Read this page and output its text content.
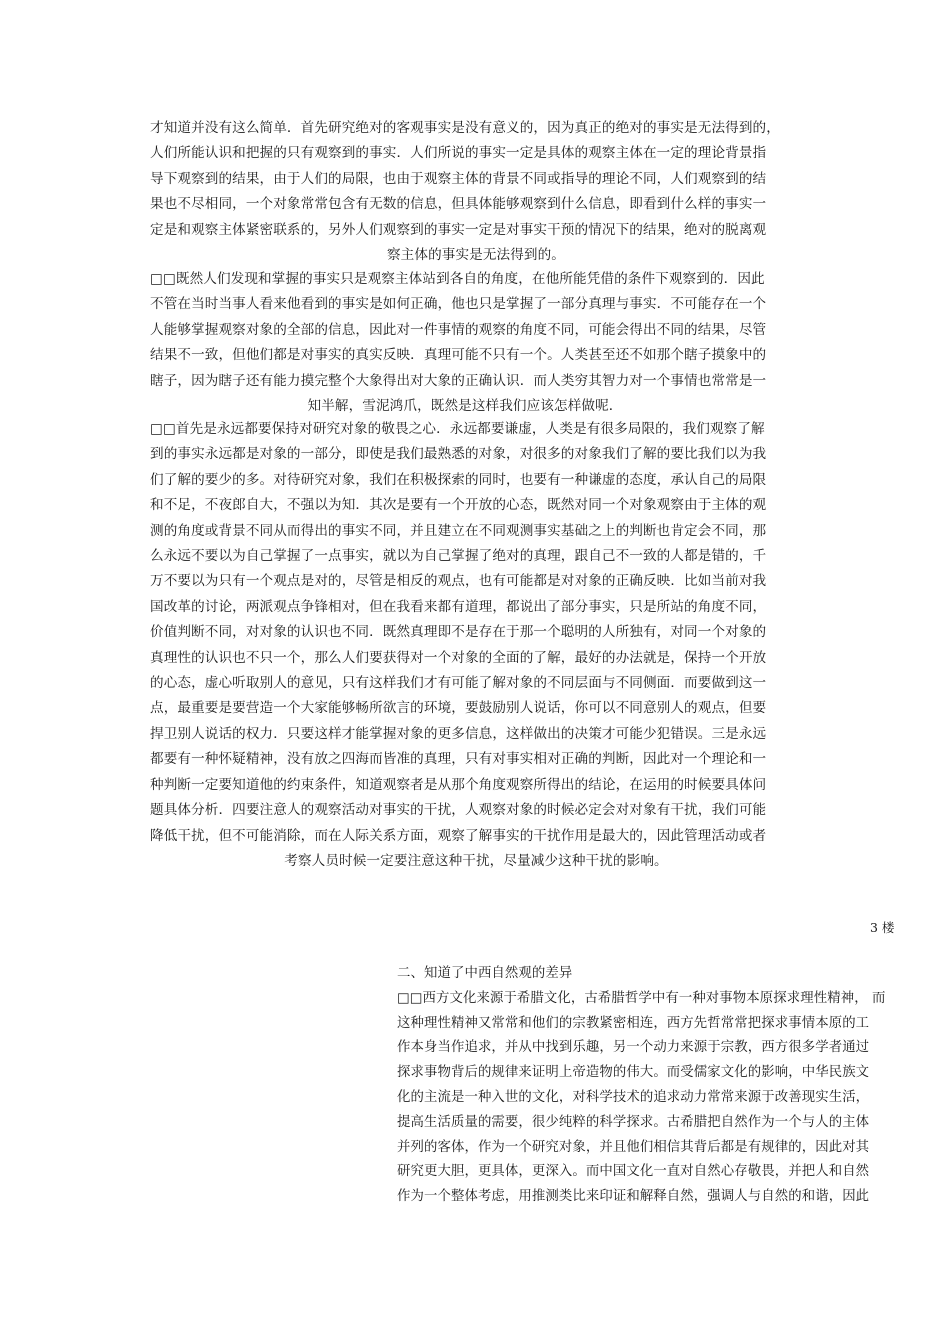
才知道并没有这么简单．首先研究绝对的客观事实是没有意义的，因为真正的绝对的事实是无法得到的，

人们所能认识和把握的只有观察到的事实．人们所说的事实一定是具体的观察主体在一定的理论背景指

导下观察到的结果，由于人们的局限，也由于观察主体的背景不同或指导的理论不同，人们观察到的结

果也不尽相同，一个对象常常包含有无数的信息，但具体能够观察到什么信息，即看到什么样的事实一

定是和观察主体紧密联系的，另外人们观察到的事实一定是对事实干预的情况下的结果，绝对的脱离观

察主体的事实是无法得到的。

□□既然人们发现和掌握的事实只是观察主体站到各自的角度，在他所能凭借的条件下观察到的．因此

不管在当时当事人看来他看到的事实是如何正确，他也只是掌握了一部分真理与事实．不可能存在一个

人能够掌握观察对象的全部的信息，因此对一件事情的观察的角度不同，可能会得出不同的结果，尽管

结果不一致，但他们都是对事实的真实反映．真理可能不只有一个。人类甚至还不如那个瞎子摸象中的

瞎子，因为瞎子还有能力摸完整个大象得出对大象的正确认识．而人类穷其智力对一个事情也常常是一

知半解，雪泥鸿爪，既然是这样我们应该怎样做呢．

□□首先是永远都要保持对研究对象的敬畏之心．永远都要谦虚，人类是有很多局限的，我们观察了解

到的事实永远都是对象的一部分，即使是我们最熟悉的对象，对很多的对象我们了解的要比我们以为我

们了解的要少的多。对待研究对象，我们在积极探索的同时，也要有一种谦虚的态度，承认自己的局限

和不足，不夜郎自大，不强以为知．其次是要有一个开放的心态，既然对同一个对象观察由于主体的观

测的角度或背景不同从而得出的事实不同，并且建立在不同观测事实基础之上的判断也肯定会不同，那

么永远不要以为自己掌握了一点事实，就以为自己掌握了绝对的真理，跟自己不一致的人都是错的，千

万不要以为只有一个观点是对的，尽管是相反的观点，也有可能都是对对象的正确反映．比如当前对我

国改革的讨论，两派观点争锋相对，但在我看来都有道理，都说出了部分事实，只是所站的角度不同，

价值判断不同，对对象的认识也不同．既然真理即不是存在于那一个聪明的人所独有，对同一个对象的

真理性的认识也不只一个，那么人们要获得对一个对象的全面的了解，最好的办法就是，保持一个开放

的心态，虚心听取别人的意见，只有这样我们才有可能了解对象的不同层面与不同侧面．而要做到这一

点，最重要是要营造一个大家能够畅所欲言的环境，要鼓励别人说话，你可以不同意别人的观点，但要

捍卫别人说话的权力．只要这样才能掌握对象的更多信息，这样做出的决策才可能少犯错误。三是永远

都要有一种怀疑精神，没有放之四海而皆准的真理，只有对事实相对正确的判断，因此对一个理论和一

种判断一定要知道他的约束条件，知道观察者是从那个角度观察所得出的结论，在运用的时候要具体问

题具体分析．四要注意人的观察活动对事实的干扰，人观察对象的时候必定会对对象有干扰，我们可能

降低干扰，但不可能消除，而在人际关系方面，观察了解事实的干扰作用是最大的，因此管理活动或者

考察人员时候一定要注意这种干扰，尽量减少这种干扰的影响。

3 楼

二、知道了中西自然观的差异

□□西方文化来源于希腊文化，古希腊哲学中有一种对事物本原探求理性精神， 而

这种理性精神又常常和他们的宗教紧密相连，西方先哲常常把探求事情本原的工

作本身当作追求，并从中找到乐趣，另一个动力来源于宗教，西方很多学者通过

探求事物背后的规律来证明上帝造物的伟大。而受儒家文化的影响，中华民族文

化的主流是一种入世的文化，对科学技术的追求动力常常来源于改善现实生活，

提高生活质量的需要，很少纯粹的科学探求。古希腊把自然作为一个与人的主体

并列的客体，作为一个研究对象，并且他们相信其背后都是有规律的，因此对其

研究更大胆，更具体，更深入。而中国文化一直对自然心存敬畏，并把人和自然

作为一个整体考虑，用推测类比来印证和解释自然，强调人与自然的和谐，因此
